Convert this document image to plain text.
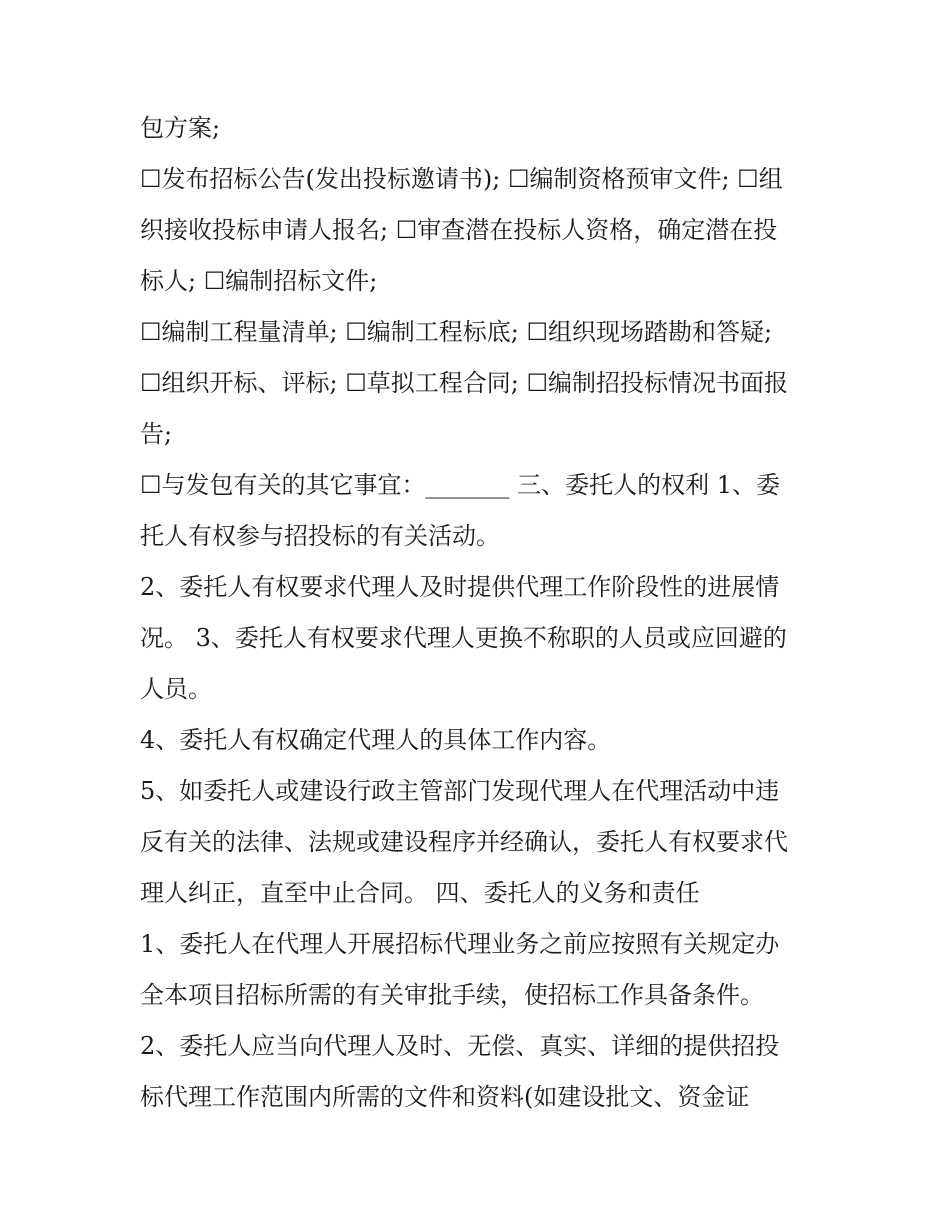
包方案;
☐发布招标公告(发出投标邀请书); ☐编制资格预审文件; ☐组
织接收投标申请人报名; ☐审查潜在投标人资格，确定潜在投
标人; ☐编制招标文件;
☐编制工程量清单; ☐编制工程标底; ☐组织现场踏勘和答疑;
☐组织开标、评标; ☐草拟工程合同; ☐编制招投标情况书面报
告;
☐与发包有关的其它事宜：_______ 三、委托人的权利 1、委
托人有权参与招投标的有关活动。
2、委托人有权要求代理人及时提供代理工作阶段性的进展情
况。 3、委托人有权要求代理人更换不称职的人员或应回避的
人员。
4、委托人有权确定代理人的具体工作内容。
5、如委托人或建设行政主管部门发现代理人在代理活动中违
反有关的法律、法规或建设程序并经确认，委托人有权要求代
理人纠正，直至中止合同。 四、委托人的义务和责任
1、委托人在代理人开展招标代理业务之前应按照有关规定办
全本项目招标所需的有关审批手续，使招标工作具备条件。
2、委托人应当向代理人及时、无偿、真实、详细的提供招投
标代理工作范围内所需的文件和资料(如建设批文、资金证
